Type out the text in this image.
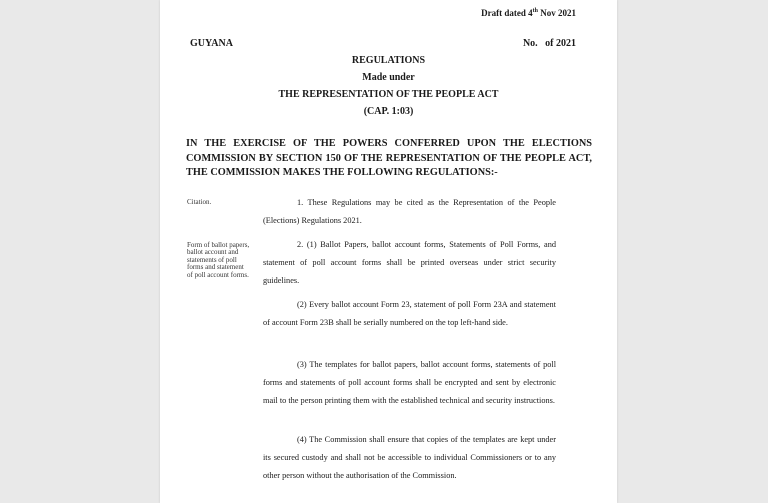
Draft dated 4th Nov 2021
GUYANA	No.   of 2021
REGULATIONS
Made under
THE REPRESENTATION OF THE PEOPLE ACT
(CAP. 1:03)
IN THE EXERCISE OF THE POWERS CONFERRED UPON THE ELECTIONS COMMISSION BY SECTION 150 OF THE REPRESENTATION OF THE PEOPLE ACT, THE COMMISSION MAKES THE FOLLOWING REGULATIONS:-
Citation.
Form of ballot papers, ballot account and statements of poll forms and statement of poll account forms.
1. These Regulations may be cited as the Representation of the People (Elections) Regulations 2021.
2. (1) Ballot Papers, ballot account forms, Statements of Poll Forms, and statement of poll account forms shall be printed overseas under strict security guidelines.
(2) Every ballot account Form 23, statement of poll Form 23A and statement of account Form 23B shall be serially numbered on the top left-hand side.
(3) The templates for ballot papers, ballot account forms, statements of poll forms and statements of poll account forms shall be encrypted and sent by electronic mail to the person printing them with the established technical and security instructions.
(4) The Commission shall ensure that copies of the templates are kept under its secured custody and shall not be accessible to individual Commissioners or to any other person without the authorisation of the Commission.
